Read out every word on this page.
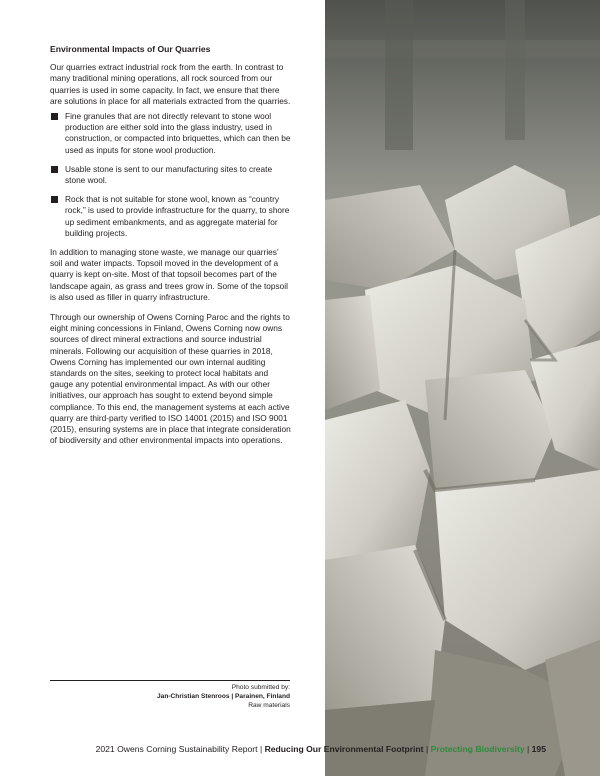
Environmental Impacts of Our Quarries

Our quarries extract industrial rock from the earth. In contrast to many traditional mining operations, all rock sourced from our quarries is used in some capacity. In fact, we ensure that there are solutions in place for all materials extracted from the quarries.

Fine granules that are not directly relevant to stone wool production are either sold into the glass industry, used in construction, or compacted into briquettes, which can then be used as inputs for stone wool production.
Usable stone is sent to our manufacturing sites to create stone wool.
Rock that is not suitable for stone wool, known as “country rock,” is used to provide infrastructure for the quarry, to shore up sediment embankments, and as aggregate material for building projects.

In addition to managing stone waste, we manage our quarries’ soil and water impacts. Topsoil moved in the development of a quarry is kept on-site. Most of that topsoil becomes part of the landscape again, as grass and trees grow in. Some of the topsoil is also used as filler in quarry infrastructure.

Through our ownership of Owens Corning Paroc and the rights to eight mining concessions in Finland, Owens Corning now owns sources of direct mineral extractions and source industrial minerals. Following our acquisition of these quarries in 2018, Owens Corning has implemented our own internal auditing standards on the sites, seeking to protect local habitats and gauge any potential environmental impact. As with our other initiatives, our approach has sought to extend beyond simple compliance. To this end, the management systems at each active quarry are third-party verified to ISO 14001 (2015) and ISO 9001 (2015), ensuring systems are in place that integrate consideration of biodiversity and other environmental impacts into operations.

Photo submitted by:
Jan-Christian Stenroos | Parainen, Finland
Raw materials
2021 Owens Corning Sustainability Report | Reducing Our Environmental Footprint | Protecting Biodiversity | 195
